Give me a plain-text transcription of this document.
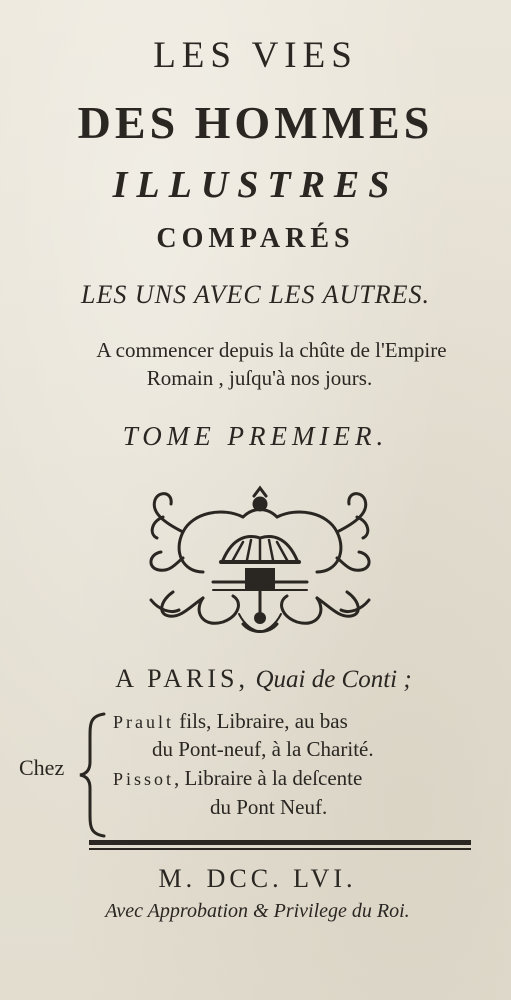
LES VIES
DES HOMMES
ILLUSTRES
COMPARÉS
LES UNS AVEC LES AUTRES.
A commencer depuis la chûte de l'Empire
Romain , juſqu'à nos jours.
TOME PREMIER.
A PARIS, Quai de Conti ;
Chez
Prault fils, Libraire, au bas
du Pont-neuf, à la Charité.
Pissot, Libraire à la deſcente
du Pont Neuf.
M. DCC. LVI.
Avec Approbation & Privilege du Roi.
